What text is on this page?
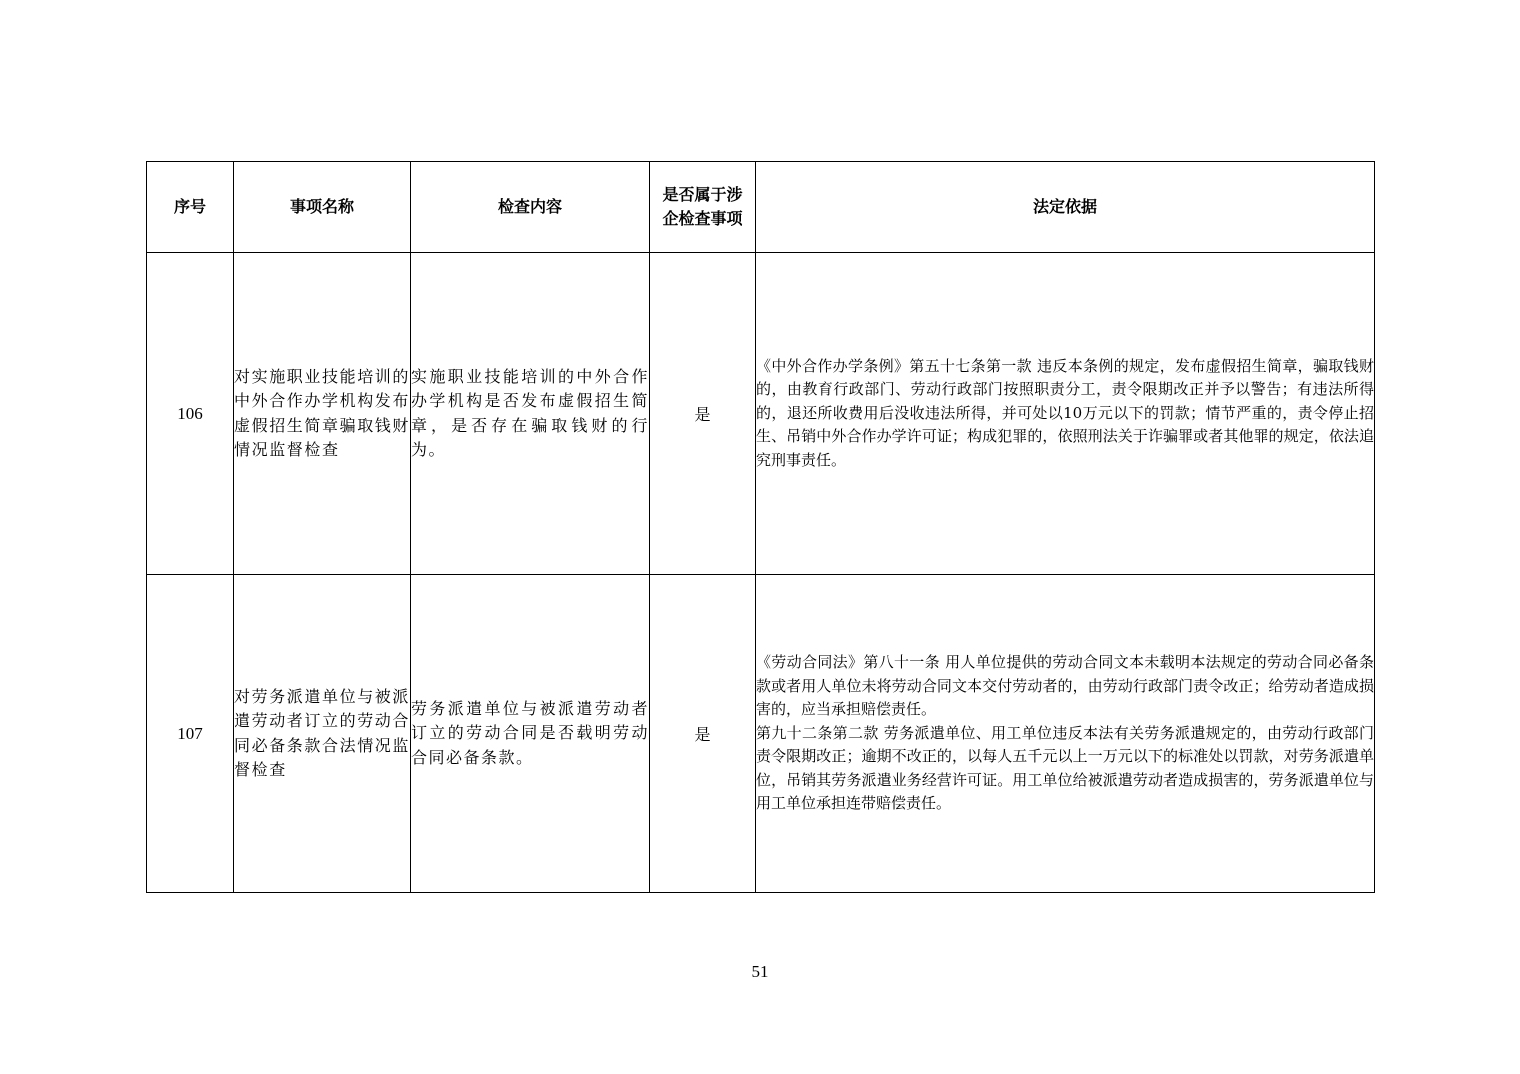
序号	事项名称	检查内容	是否属于涉企检查事项	法定依据
106	对实施职业技能培训的中外合作办学机构发布虚假招生简章骗取钱财情况监督检查	实施职业技能培训的中外合作办学机构是否发布虚假招生简章，是否存在骗取钱财的行为。	是	《中外合作办学条例》第五十七条第一款 违反本条例的规定，发布虚假招生简章，骗取钱财的，由教育行政部门、劳动行政部门按照职责分工，责令限期改正并予以警告；有违法所得的，退还所收费用后没收违法所得，并可处以10万元以下的罚款；情节严重的，责令停止招生、吊销中外合作办学许可证；构成犯罪的，依照刑法关于诈骗罪或者其他罪的规定，依法追究刑事责任。

107	对劳务派遣单位与被派遣劳动者订立的劳动合同必备条款合法情况监督检查	劳务派遣单位与被派遣劳动者订立的劳动合同是否载明劳动合同必备条款。	是	《劳动合同法》第八十一条 用人单位提供的劳动合同文本未载明本法规定的劳动合同必备条款或者用人单位未将劳动合同文本交付劳动者的，由劳动行政部门责令改正；给劳动者造成损害的，应当承担赔偿责任。
第九十二条第二款 劳务派遣单位、用工单位违反本法有关劳务派遣规定的，由劳动行政部门责令限期改正；逾期不改正的，以每人五千元以上一万元以下的标准处以罚款，对劳务派遣单位，吊销其劳务派遣业务经营许可证。用工单位给被派遣劳动者造成损害的，劳务派遣单位与用工单位承担连带赔偿责任。
51
